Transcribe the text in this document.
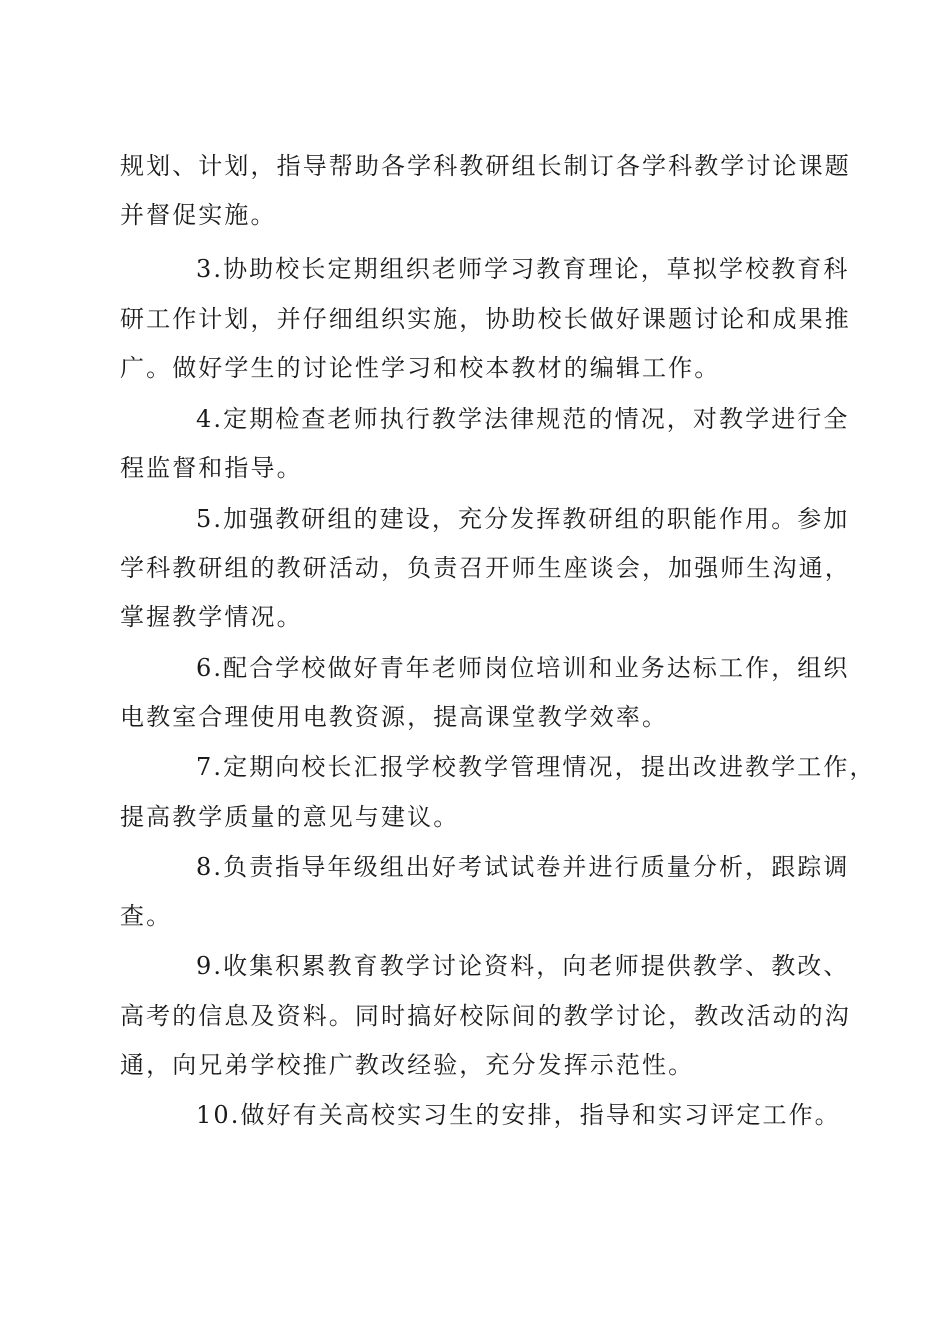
规划、计划，指导帮助各学科教研组长制订各学科教学讨论课题
并督促实施。
3.协助校长定期组织老师学习教育理论，草拟学校教育科
研工作计划，并仔细组织实施，协助校长做好课题讨论和成果推
广。做好学生的讨论性学习和校本教材的编辑工作。
4.定期检查老师执行教学法律规范的情况，对教学进行全
程监督和指导。
5.加强教研组的建设，充分发挥教研组的职能作用。参加
学科教研组的教研活动，负责召开师生座谈会，加强师生沟通，
掌握教学情况。
6.配合学校做好青年老师岗位培训和业务达标工作，组织
电教室合理使用电教资源，提高课堂教学效率。
7.定期向校长汇报学校教学管理情况，提出改进教学工作，
提高教学质量的意见与建议。
8.负责指导年级组出好考试试卷并进行质量分析，跟踪调
查。
9.收集积累教育教学讨论资料，向老师提供教学、教改、
高考的信息及资料。同时搞好校际间的教学讨论，教改活动的沟
通，向兄弟学校推广教改经验，充分发挥示范性。
10.做好有关高校实习生的安排，指导和实习评定工作。
